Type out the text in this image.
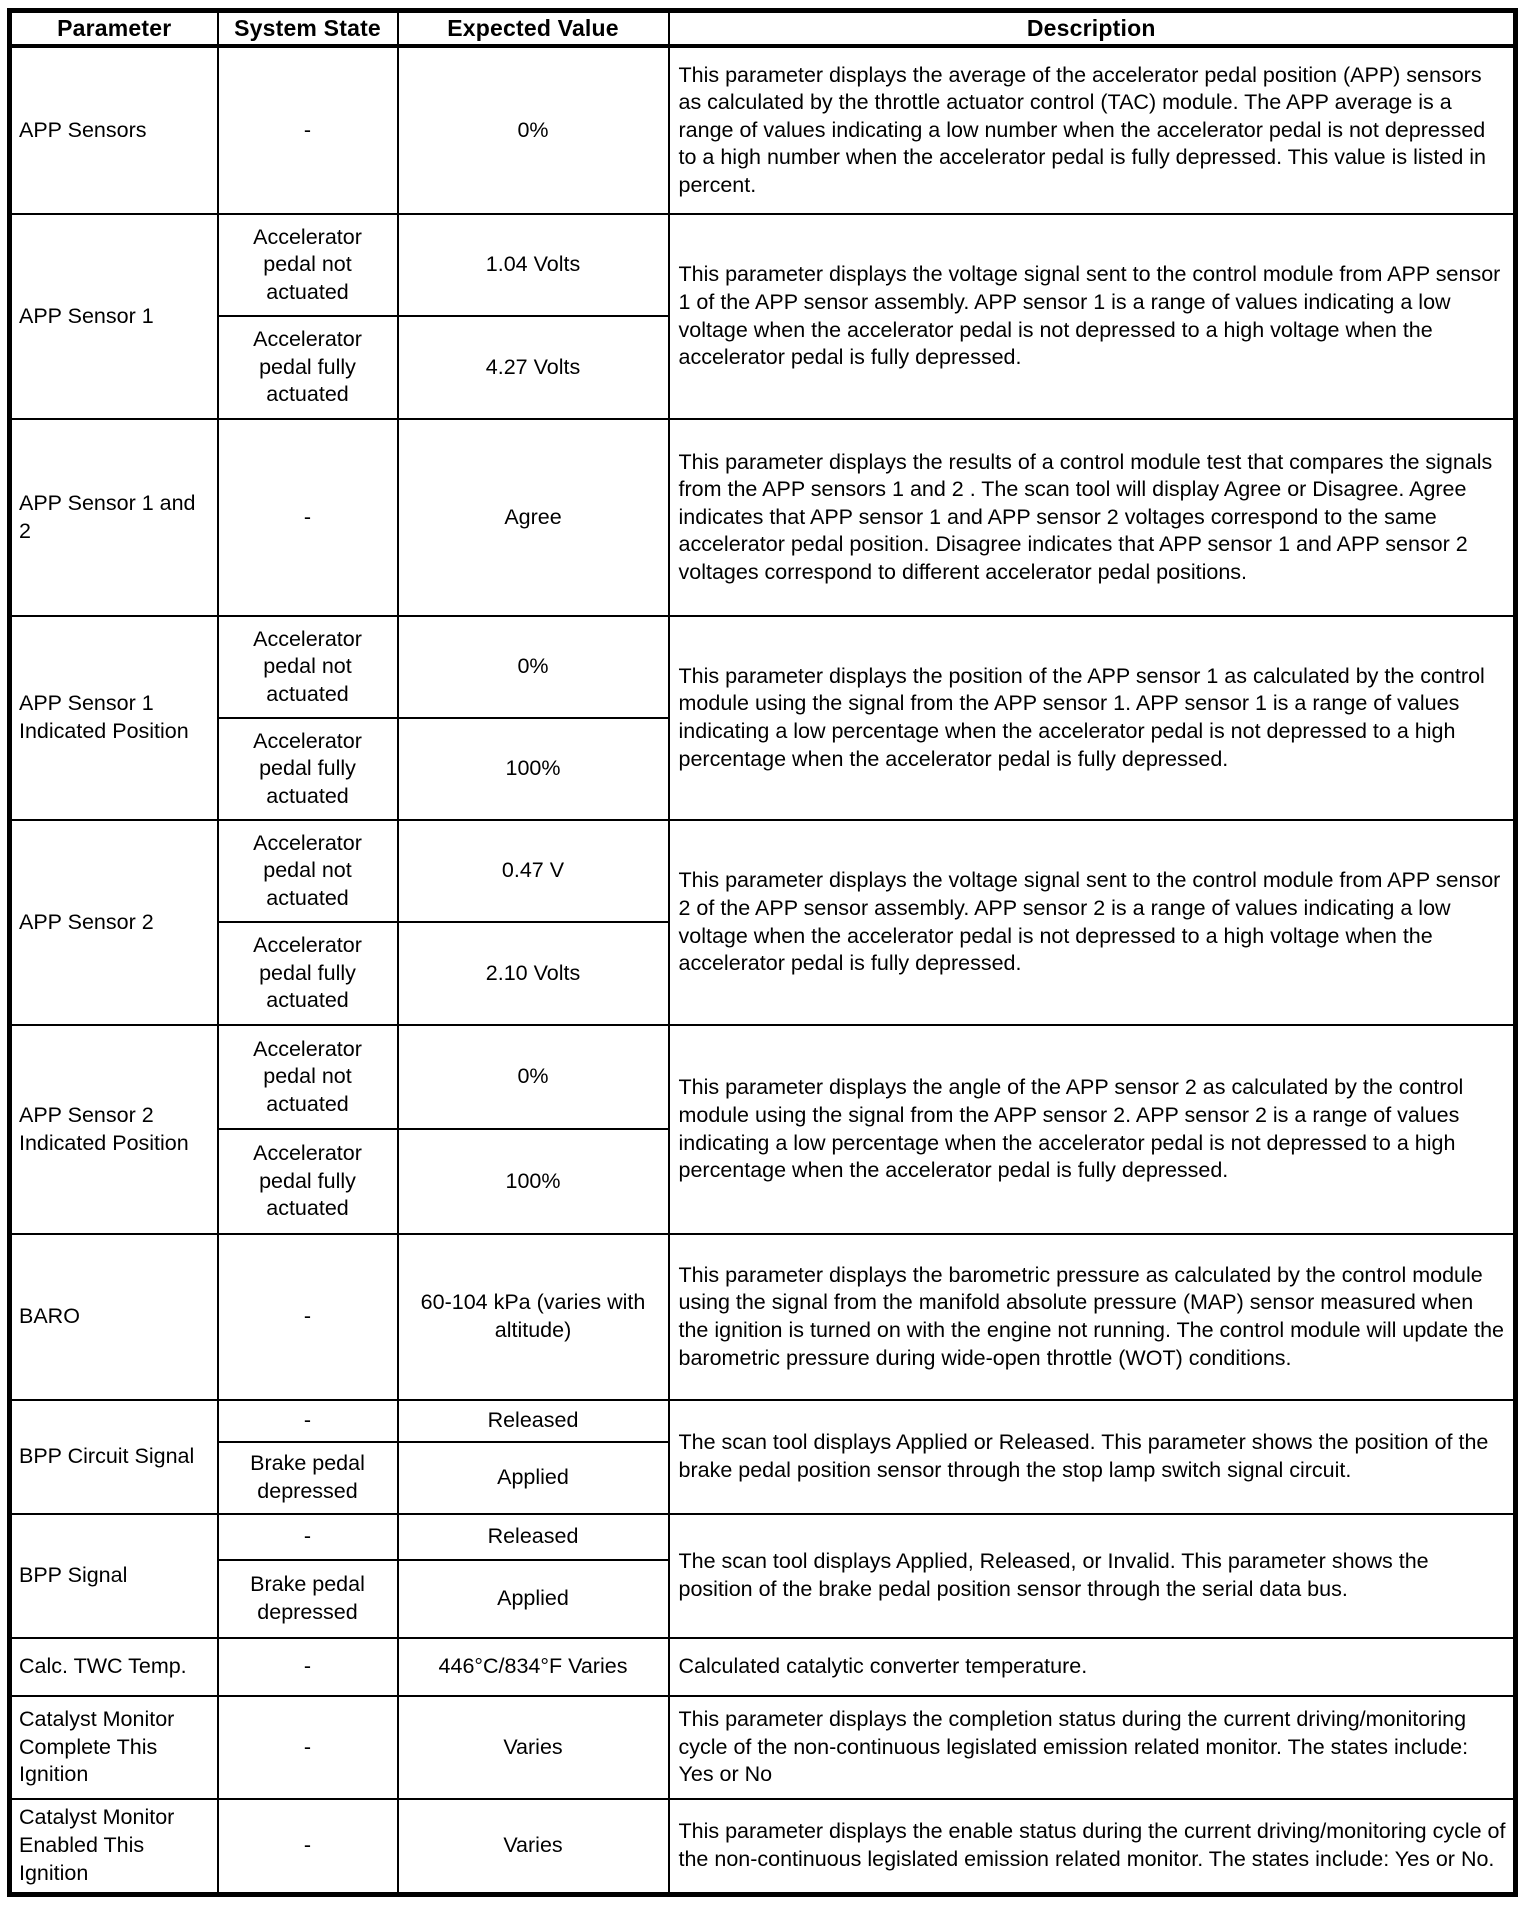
Parameter	System State	Expected Value	Description
APP Sensors	-	0%	This parameter displays the average of the accelerator pedal position (APP) sensors as calculated by the throttle actuator control (TAC) module. The APP average is a range of values indicating a low number when the accelerator pedal is not depressed to a high number when the accelerator pedal is fully depressed. This value is listed in percent.
APP Sensor 1	Accelerator pedal not actuated	1.04 Volts	This parameter displays the voltage signal sent to the control module from APP sensor 1 of the APP sensor assembly. APP sensor 1 is a range of values indicating a low voltage when the accelerator pedal is not depressed to a high voltage when the accelerator pedal is fully depressed.
	Accelerator pedal fully actuated	4.27 Volts	
APP Sensor 1 and 2	-	Agree	This parameter displays the results of a control module test that compares the signals from the APP sensors 1 and 2 . The scan tool will display Agree or Disagree. Agree indicates that APP sensor 1 and APP sensor 2 voltages correspond to the same accelerator pedal position. Disagree indicates that APP sensor 1 and APP sensor 2 voltages correspond to different accelerator pedal positions.
APP Sensor 1 Indicated Position	Accelerator pedal not actuated	0%	This parameter displays the position of the APP sensor 1 as calculated by the control module using the signal from the APP sensor 1. APP sensor 1 is a range of values indicating a low percentage when the accelerator pedal is not depressed to a high percentage when the accelerator pedal is fully depressed.
	Accelerator pedal fully actuated	100%	
APP Sensor 2	Accelerator pedal not actuated	0.47 V	This parameter displays the voltage signal sent to the control module from APP sensor 2 of the APP sensor assembly. APP sensor 2 is a range of values indicating a low voltage when the accelerator pedal is not depressed to a high voltage when the accelerator pedal is fully depressed.
	Accelerator pedal fully actuated	2.10 Volts	
APP Sensor 2 Indicated Position	Accelerator pedal not actuated	0%	This parameter displays the angle of the APP sensor 2 as calculated by the control module using the signal from the APP sensor 2. APP sensor 2 is a range of values indicating a low percentage when the accelerator pedal is not depressed to a high percentage when the accelerator pedal is fully depressed.
	Accelerator pedal fully actuated	100%	
BARO	-	60-104 kPa (varies with altitude)	This parameter displays the barometric pressure as calculated by the control module using the signal from the manifold absolute pressure (MAP) sensor measured when the ignition is turned on with the engine not running. The control module will update the barometric pressure during wide-open throttle (WOT) conditions.
BPP Circuit Signal	-	Released	The scan tool displays Applied or Released. This parameter shows the position of the brake pedal position sensor through the stop lamp switch signal circuit.
	Brake pedal depressed	Applied	
BPP Signal	-	Released	The scan tool displays Applied, Released, or Invalid. This parameter shows the position of the brake pedal position sensor through the serial data bus.
	Brake pedal depressed	Applied	
Calc. TWC Temp.	-	446°C/834°F Varies	Calculated catalytic converter temperature.
Catalyst Monitor Complete This Ignition	-	Varies	This parameter displays the completion status during the current driving/monitoring cycle of the non-continuous legislated emission related monitor. The states include: Yes or No
Catalyst Monitor Enabled This Ignition	-	Varies	This parameter displays the enable status during the current driving/monitoring cycle of the non-continuous legislated emission related monitor. The states include: Yes or No.
